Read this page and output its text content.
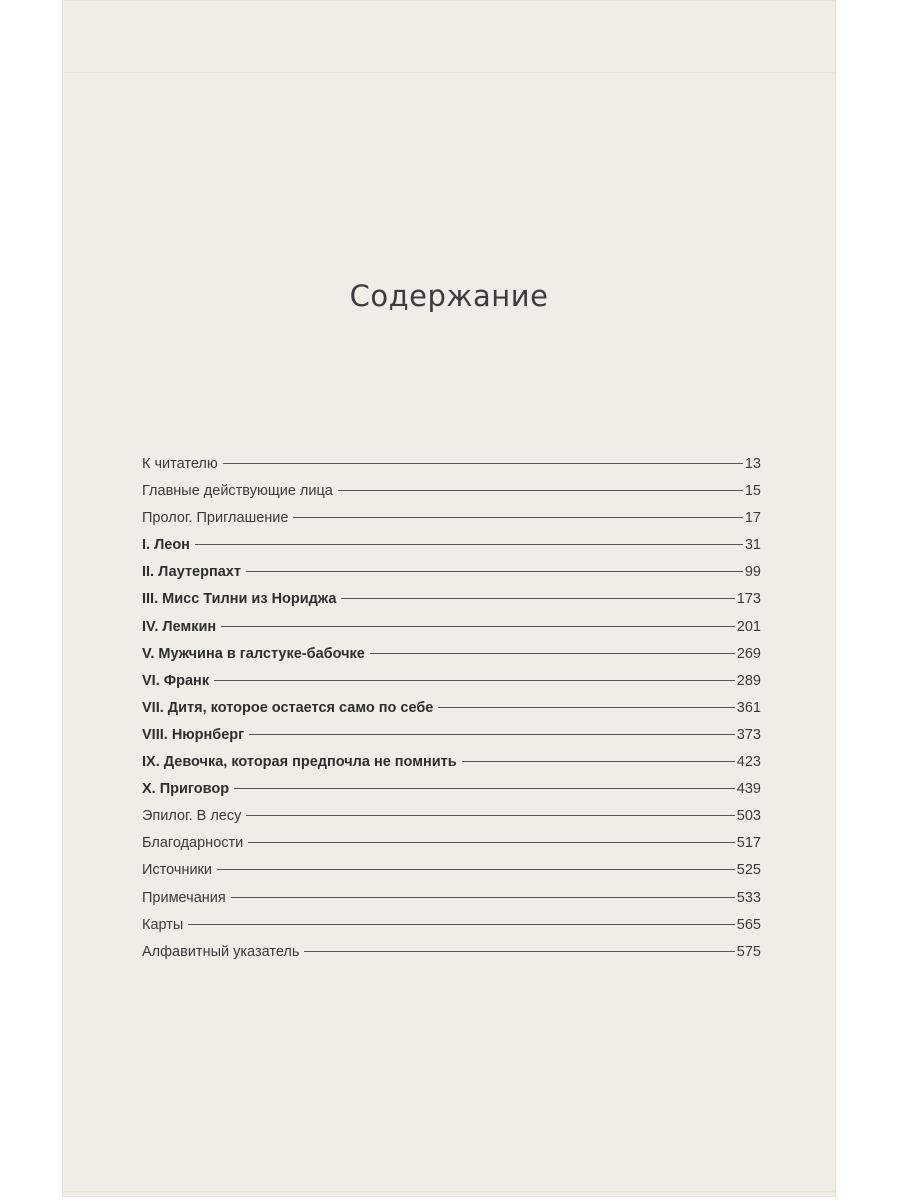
Содержание
К читателю	13
Главные действующие лица	15
Пролог. Приглашение	17
I. Леон	31
II. Лаутерпахт	99
III. Мисс Тилни из Нориджа	173
IV. Лемкин	201
V. Мужчина в галстуке-бабочке	269
VI. Франк	289
VII. Дитя, которое остается само по себе	361
VIII. Нюрнберг	373
IX. Девочка, которая предпочла не помнить	423
X. Приговор	439
Эпилог. В лесу	503
Благодарности	517
Источники	525
Примечания	533
Карты	565
Алфавитный указатель	575
